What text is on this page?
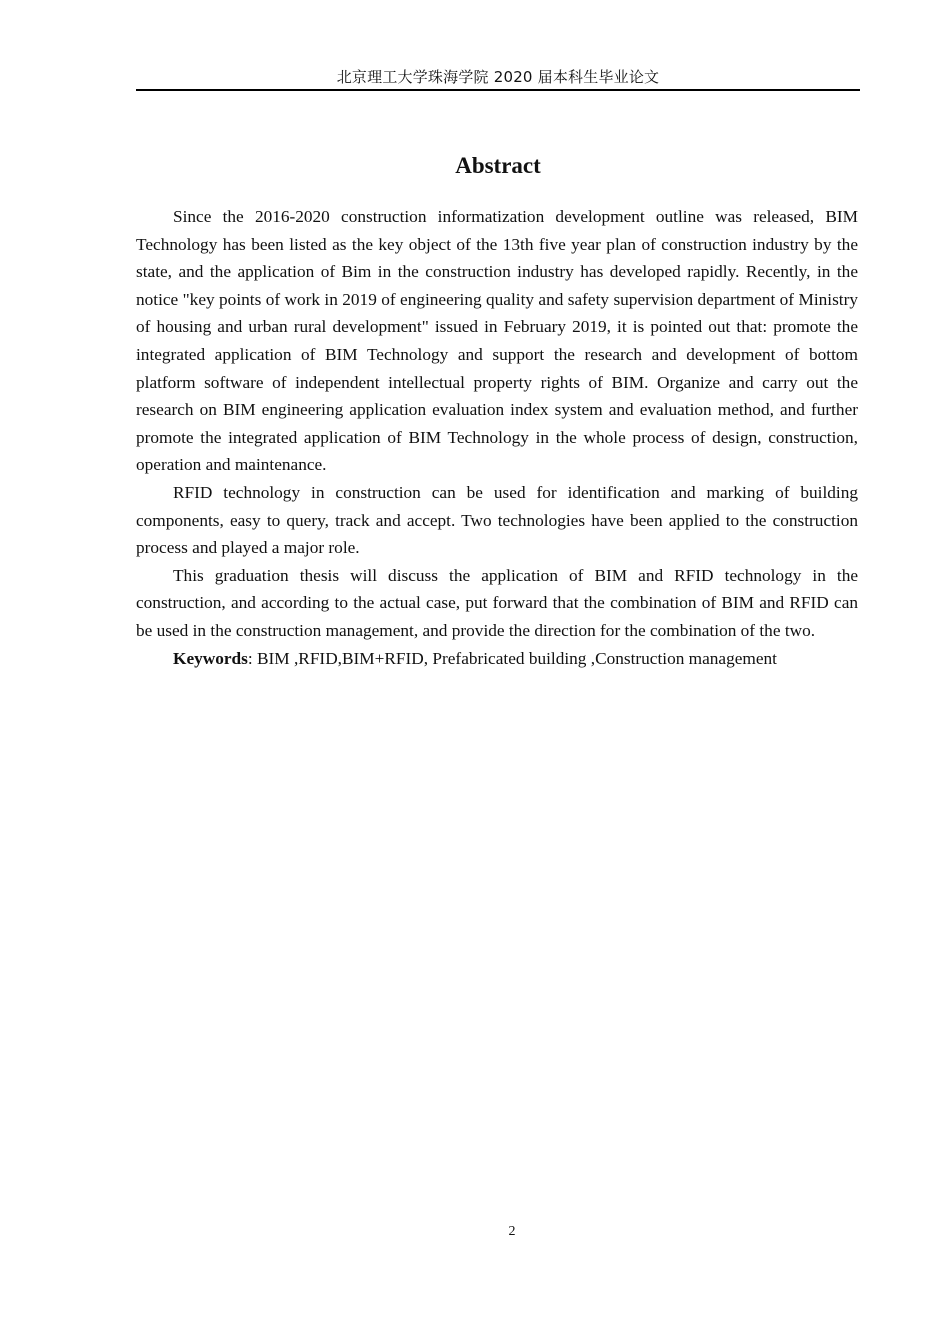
北京理工大学珠海学院 2020 届本科生毕业论文
Abstract

Since the 2016-2020 construction informatization development outline was released, BIM Technology has been listed as the key object of the 13th five year plan of construction industry by the state, and the application of Bim in the construction industry has developed rapidly. Recently, in the notice "key points of work in 2019 of engineering quality and safety supervision department of Ministry of housing and urban rural development" issued in February 2019, it is pointed out that: promote the integrated application of BIM Technology and support the research and development of bottom platform software of independent intellectual property rights of BIM. Organize and carry out the research on BIM engineering application evaluation index system and evaluation method, and further promote the integrated application of BIM Technology in the whole process of design, construction, operation and maintenance.

RFID technology in construction can be used for identification and marking of building components, easy to query, track and accept. Two technologies have been applied to the construction process and played a major role.

This graduation thesis will discuss the application of BIM and RFID technology in the construction, and according to the actual case, put forward that the combination of BIM and RFID can be used in the construction management, and provide the direction for the combination of the two.

Keywords: BIM ,RFID,BIM+RFID, Prefabricated building ,Construction management

2
